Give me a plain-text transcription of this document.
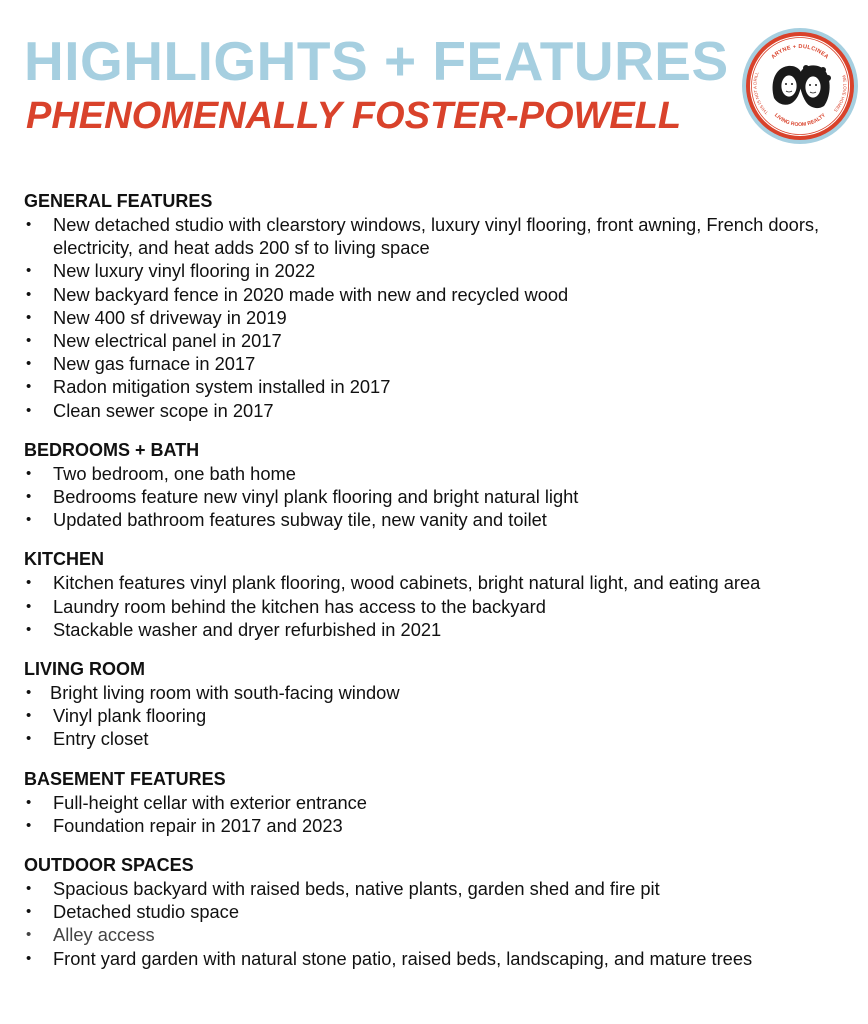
HIGHLIGHTS + FEATURES
PHENOMENALLY FOSTER-POWELL
ARYNE + DULCINEA
THIS IS NOT A DRILL
WE LOVE HOMES
LIVING ROOM REALTY
GENERAL FEATURES
• New detached studio with clearstory windows, luxury vinyl flooring, front awning, French doors, electricity, and heat adds 200 sf to living space
• New luxury vinyl flooring in 2022
• New backyard fence in 2020 made with new and recycled wood
• New 400 sf driveway in 2019
• New electrical panel in 2017
• New gas furnace in 2017
• Radon mitigation system installed in 2017
• Clean sewer scope in 2017
BEDROOMS + BATH
• Two bedroom, one bath home
• Bedrooms feature new vinyl plank flooring and bright natural light
• Updated bathroom features subway tile, new vanity and toilet
KITCHEN
• Kitchen features vinyl plank flooring, wood cabinets, bright natural light, and eating area
• Laundry room behind the kitchen has access to the backyard
• Stackable washer and dryer refurbished in 2021
LIVING ROOM
• Bright living room with south-facing window
• Vinyl plank flooring
• Entry closet
BASEMENT FEATURES
• Full-height cellar with exterior entrance
• Foundation repair in 2017 and 2023
OUTDOOR SPACES
• Spacious backyard with raised beds, native plants, garden shed and fire pit
• Detached studio space
• Alley access
• Front yard garden with natural stone patio, raised beds, landscaping, and mature trees
